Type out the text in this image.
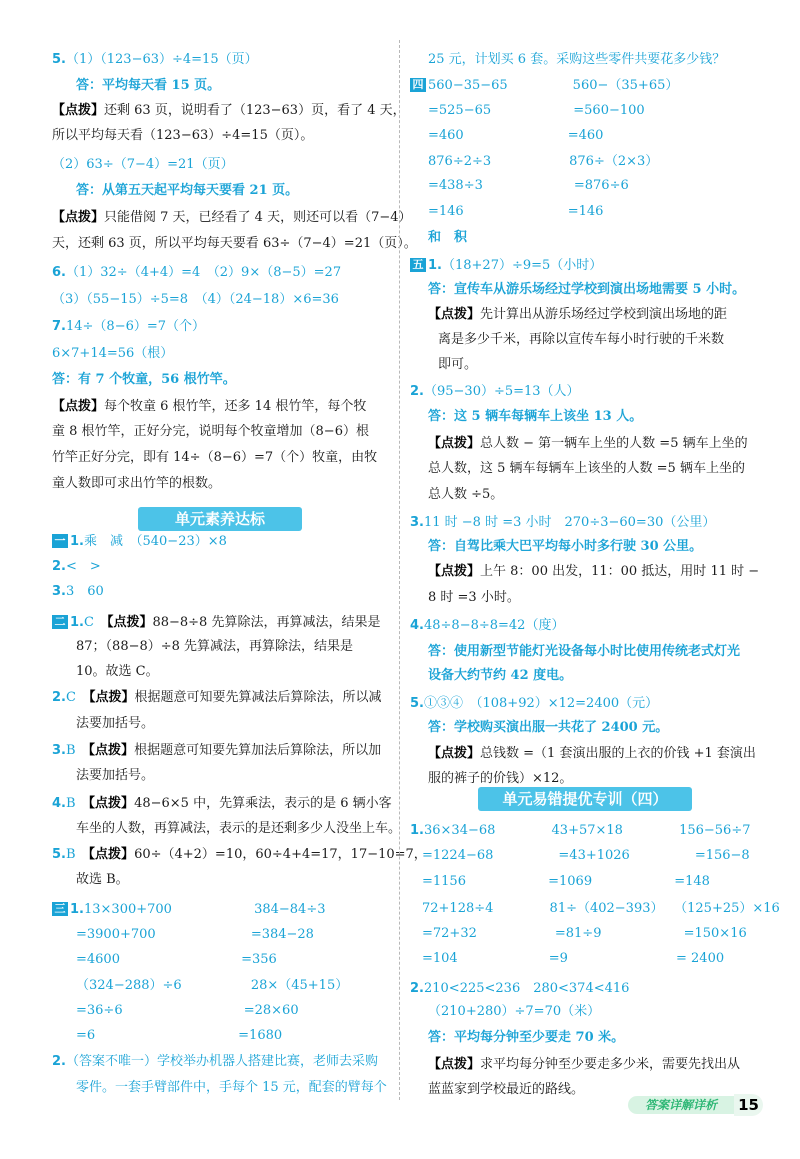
5.（1）（123−63）÷4=15（页）
答：平均每天看 15 页。
【点拨】还剩 63 页，说明看了（123−63）页，看了 4 天，
所以平均每天看（123−63）÷4=15（页）。
（2）63÷（7−4）=21（页）
答：从第五天起平均每天要看 21 页。
【点拨】只能借阅 7 天，已经看了 4 天，则还可以看（7−4）
天，还剩 63 页，所以平均每天要看 63÷（7−4）=21（页）。
6.（1）32÷（4+4）=4　（2）9×（8−5）=27
（3）（55−15）÷5=8　（4）（24−18）×6=36
7.14÷（8−6）=7（个）
6×7+14=56（根）
答：有 7 个牧童，56 根竹竿。
【点拨】每个牧童 6 根竹竿，还多 14 根竹竿，每个牧
童 8 根竹竿，正好分完，说明每个牧童增加（8−6）根
竹竿正好分完，即有 14÷（8−6）=7（个）牧童，由牧
童人数即可求出竹竿的根数。
一 1.乘　减　（540−23）×8
2.<　>
3.3　60
二 1.C　【点拨】88−8÷8 先算除法，再算减法，结果是
87；（88−8）÷8 先算减法，再算除法，结果是
10。故选 C。
2.C　【点拨】根据题意可知要先算减法后算除法，所以减
法要加括号。
3.B　【点拨】根据题意可知要先算加法后算除法，所以加
法要加括号。
4.B　【点拨】48−6×5 中，先算乘法，表示的是 6 辆小客
车坐的人数，再算减法，表示的是还剩多少人没坐上车。
5.B　【点拨】60÷（4+2）=10，60÷4+4=17，17−10=7，
故选 B。
三 1.13×300+700　　　　　　 384−84÷3
=3900+700　　　　　　　 =384−28
=4600　　　　　　　　　 =356
（324−288）÷6　　　　　 28×（45+15）
=36÷6　　　　　　　　　 =28×60
=6　　　　　　　　　　　=1680
2.（答案不唯一）学校举办机器人搭建比赛，老师去采购
零件。一套手臂部件中，手每个 15 元，配套的臂每个
25 元，计划买 6 套。采购这些零件共要花多少钱？
四 560−35−65　　　　　560−（35+65）
=525−65　　　　　　 =560−100
=460　　　　　　　　=460
876÷2÷3　　　　　　876÷（2×3）
=438÷3　　　　　　　=876÷6
=146　　　　　　　　=146
和　积
五 1.（18+27）÷9=5（小时）
答：宣传车从游乐场经过学校到演出场地需要 5 小时。
【点拨】先计算出从游乐场经过学校到演出场地的距
离是多少千米，再除以宣传车每小时行驶的千米数
即可。
2.（95−30）÷5=13（人）
答：这 5 辆车每辆车上该坐 13 人。
【点拨】总人数 − 第一辆车上坐的人数 =5 辆车上坐的
总人数，这 5 辆车每辆车上该坐的人数 =5 辆车上坐的
总人数 ÷5。
3.11 时 −8 时 =3 小时　270÷3−60=30（公里）
答：自驾比乘大巴平均每小时多行驶 30 公里。
【点拨】上午 8：00 出发，11：00 抵达，用时 11 时 −
8 时 =3 小时。
4.48÷8−8÷8=42（度）
答：使用新型节能灯光设备每小时比使用传统老式灯光
设备大约节约 42 度电。
5.①③④　（108+92）×12=2400（元）
答：学校购买演出服一共花了 2400 元。
【点拨】总钱数 =（1 套演出服的上衣的价钱 +1 套演出
服的裤子的价钱）×12。
1.36×34−68　　　　 43+57×18　　　　 156−56÷7
=1224−68　　　　　=43+1026　　　　　=156−8
=1156　　　　　　 =1069　　　　　　 =148
72+128÷4　　　　 81÷（402−393）　 （125+25）×16
=72+32　　　　　　=81÷9　　　　　　 =150×16
=104　　　　　　　=9　　　　　　　　 = 2400
2.210<225<236　280<374<416
（210+280）÷7=70（米）
答：平均每分钟至少要走 70 米。
【点拨】求平均每分钟至少要走多少米，需要先找出从
蓝蓝家到学校最近的路线。
单元素养达标
单元易错提优专训（四）
答案详解详析	15
